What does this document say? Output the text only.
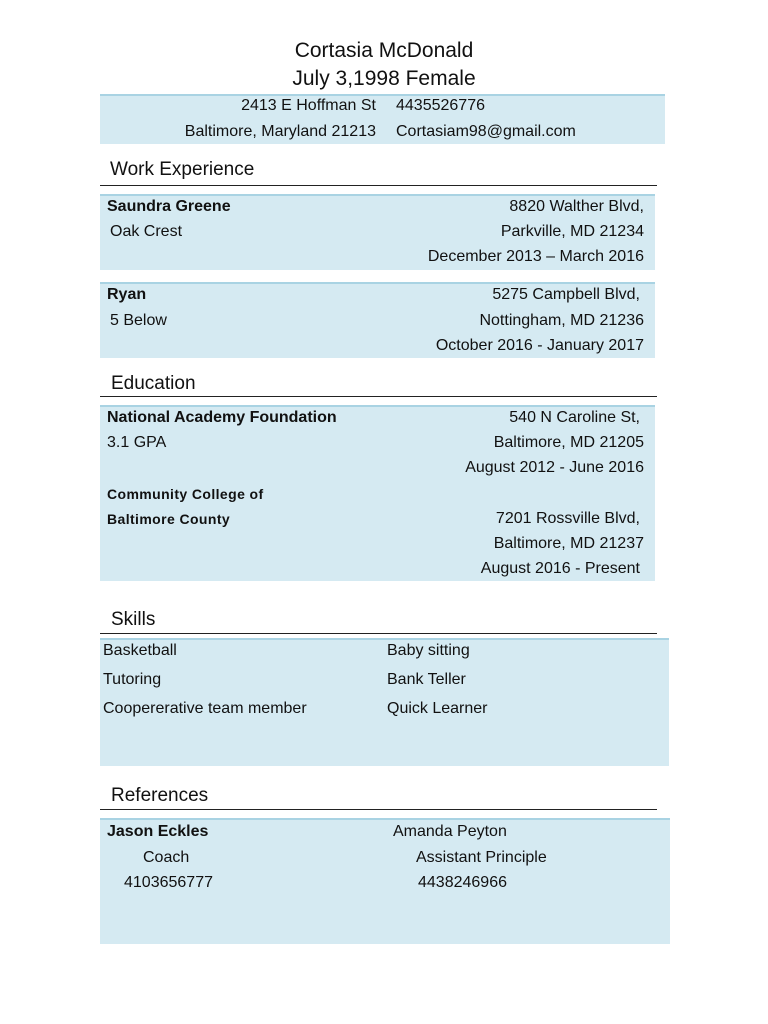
Cortasia McDonald
July 3,1998 Female
2413 E Hoffman St 4435526776
Baltimore, Maryland 21213 Cortasiam98@gmail.com
Work Experience
Saundra Greene
Oak Crest
8820 Walther Blvd,
Parkville, MD 21234
December 2013 – March 2016
Ryan
5 Below
5275 Campbell Blvd,
Nottingham, MD 21236
October 2016 - January 2017
Education
National Academy Foundation
3.1 GPA
540 N Caroline St,
Baltimore, MD 21205
August 2012 - June 2016
Community College of
Baltimore County	7201 Rossville Blvd,
Baltimore, MD 21237
August 2016 - Present
Skills
Basketball
Tutoring
Coopererative team member
Baby sitting
Bank Teller
Quick Learner
References
Jason Eckles
Coach
4103656777
Amanda Peyton
Assistant Principle
4438246966
